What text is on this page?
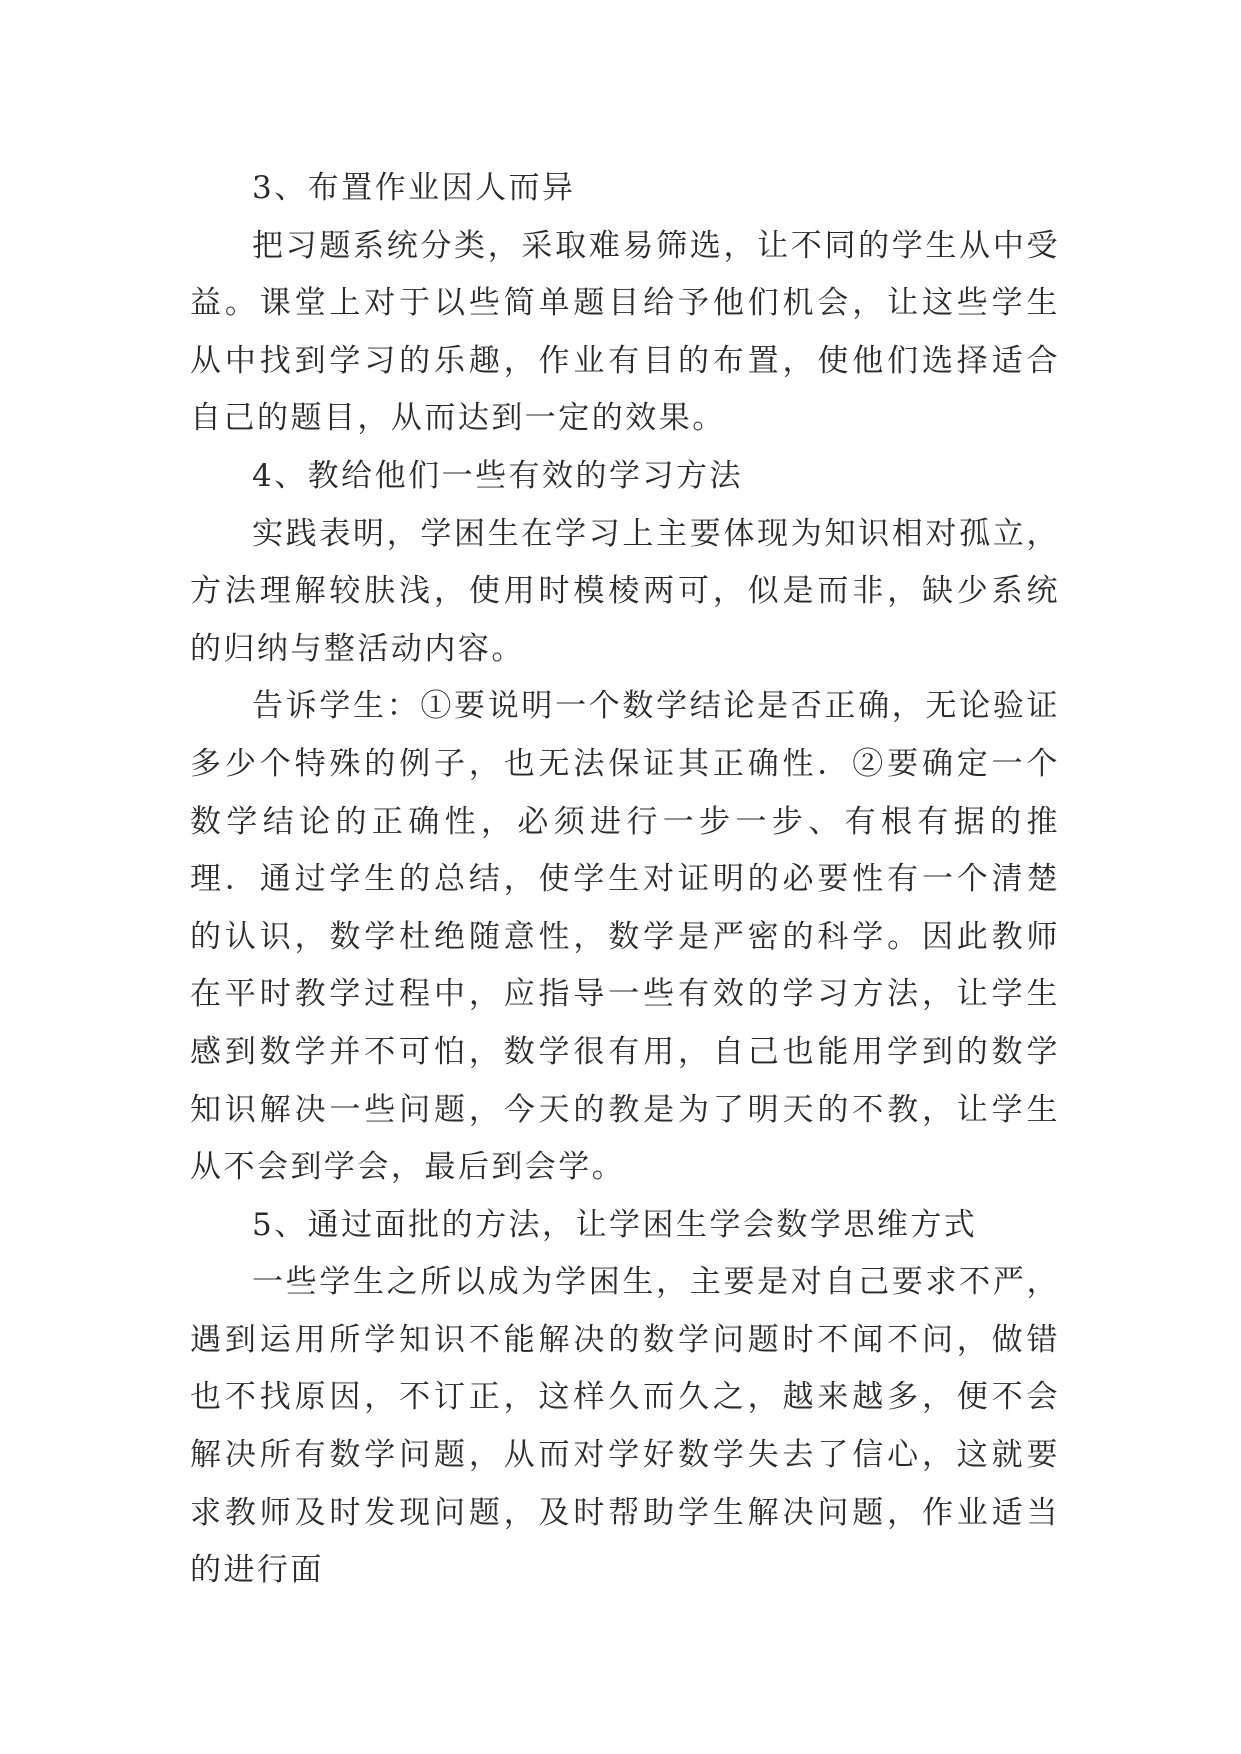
3、布置作业因人而异

把习题系统分类，采取难易筛选，让不同的学生从中受益。课堂上对于以些简单题目给予他们机会，让这些学生从中找到学习的乐趣，作业有目的布置，使他们选择适合自己的题目，从而达到一定的效果。

4、教给他们一些有效的学习方法

实践表明，学困生在学习上主要体现为知识相对孤立，方法理解较肤浅，使用时模棱两可，似是而非，缺少系统的归纳与整活动内容。

告诉学生：①要说明一个数学结论是否正确，无论验证多少个特殊的例子，也无法保证其正确性．②要确定一个数学结论的正确性，必须进行一步一步、有根有据的推理．通过学生的总结，使学生对证明的必要性有一个清楚的认识，数学杜绝随意性，数学是严密的科学。因此教师在平时教学过程中，应指导一些有效的学习方法，让学生感到数学并不可怕，数学很有用，自己也能用学到的数学知识解决一些问题，今天的教是为了明天的不教，让学生从不会到学会，最后到会学。

5、通过面批的方法，让学困生学会数学思维方式

一些学生之所以成为学困生，主要是对自己要求不严，遇到运用所学知识不能解决的数学问题时不闻不问，做错也不找原因，不订正，这样久而久之，越来越多，便不会解决所有数学问题，从而对学好数学失去了信心，这就要求教师及时发现问题，及时帮助学生解决问题，作业适当的进行面
